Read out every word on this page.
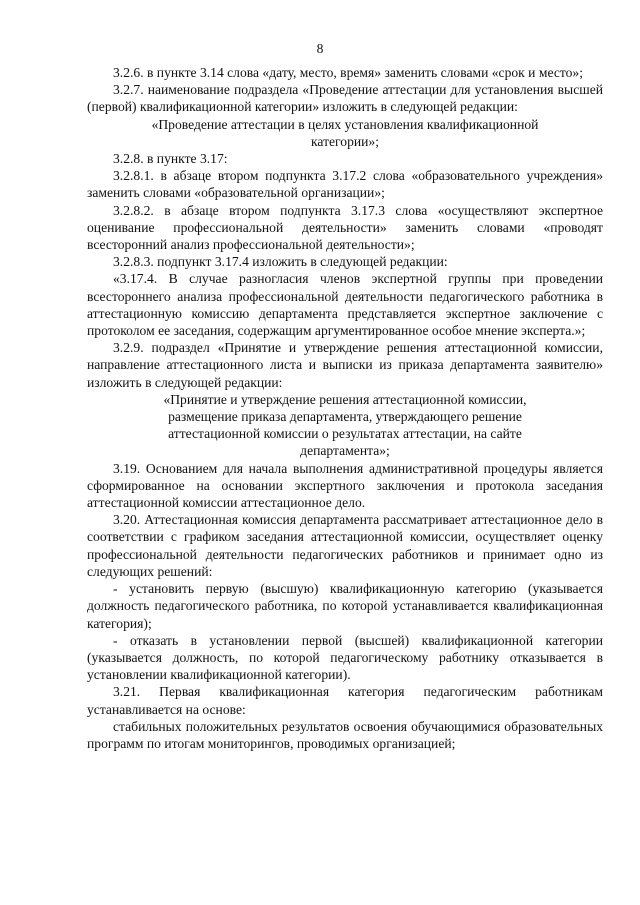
8

3.2.6. в пункте 3.14 слова «дату, место, время» заменить словами «срок и место»;

3.2.7. наименование подраздела «Проведение аттестации для установления высшей (первой) квалификационной категории» изложить в следующей редакции:

«Проведение аттестации в целях установления квалификационной категории»;

3.2.8. в пункте 3.17:

3.2.8.1. в абзаце втором подпункта 3.17.2 слова «образовательного учреждения» заменить словами «образовательной организации»;

3.2.8.2. в абзаце втором подпункта 3.17.3 слова «осуществляют экспертное оценивание профессиональной деятельности» заменить словами «проводят всесторонний анализ профессиональной деятельности»;

3.2.8.3. подпункт 3.17.4 изложить в следующей редакции:

«3.17.4. В случае разногласия членов экспертной группы при проведении всестороннего анализа профессиональной деятельности педагогического работника в аттестационную комиссию департамента представляется экспертное заключение с протоколом ее заседания, содержащим аргументированное особое мнение эксперта.»;

3.2.9. подраздел «Принятие и утверждение решения аттестационной комиссии, направление аттестационного листа и выписки из приказа департамента заявителю» изложить в следующей редакции:

«Принятие и утверждение решения аттестационной комиссии, размещение приказа департамента, утверждающего решение аттестационной комиссии о результатах аттестации, на сайте департамента»;

3.19. Основанием для начала выполнения административной процедуры является сформированное на основании экспертного заключения и протокола заседания аттестационной комиссии аттестационное дело.

3.20. Аттестационная комиссия департамента рассматривает аттестационное дело в соответствии с графиком заседания аттестационной комиссии, осуществляет оценку профессиональной деятельности педагогических работников и принимает одно из следующих решений:

- установить первую (высшую) квалификационную категорию (указывается должность педагогического работника, по которой устанавливается квалификационная категория);

- отказать в установлении первой (высшей) квалификационной категории (указывается должность, по которой педагогическому работнику отказывается в установлении квалификационной категории).

3.21. Первая квалификационная категория педагогическим работникам устанавливается на основе:

стабильных положительных результатов освоения обучающимися образовательных программ по итогам мониторингов, проводимых организацией;
